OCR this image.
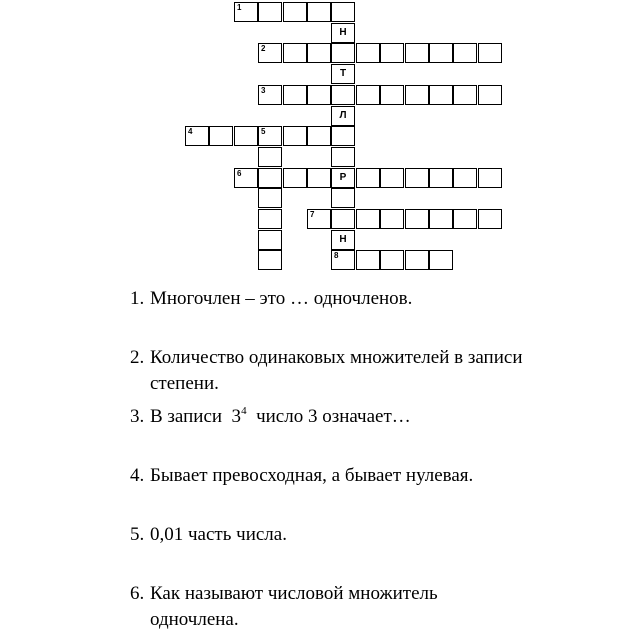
1
2
3
4	5
6	Р
7
8
Н
Т
Л
Н
1. Многочлен – это … одночленов.
2. Количество одинаковых множителей в записи
степени.
3. В записи  $3^4$  число 3 означает…
4. Бывает превосходная, а бывает нулевая.
5. 0,01 часть числа.
6. Как называют числовой множитель
одночлена.
